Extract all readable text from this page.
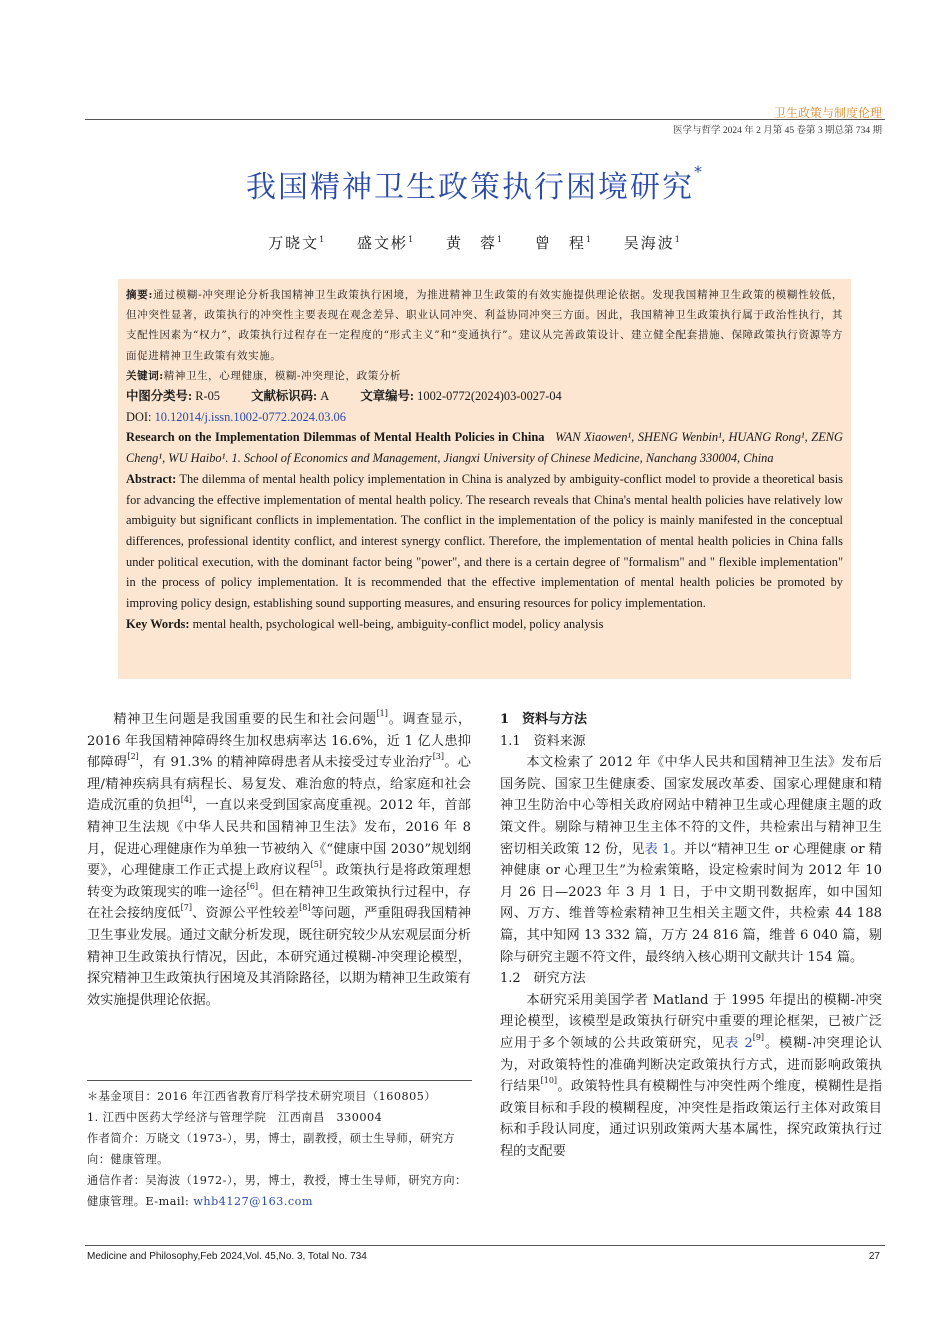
卫生政策与制度伦理
医学与哲学 2024 年 2 月第 45 卷第 3 期总第 734 期
我国精神卫生政策执行困境研究*
万晓文$^1$ 盛文彬$^1$ 黄　蓉$^1$ 曾　程$^1$ 吴海波$^1$
摘要:通过模糊-冲突理论分析我国精神卫生政策执行困境，为推进精神卫生政策的有效实施提供理论依据。发现我国精神卫生政策的模糊性较低，但冲突性显著，政策执行的冲突性主要表现在观念差异、职业认同冲突、利益协同冲突三方面。因此，我国精神卫生政策执行属于政治性执行，其支配性因素为“权力”，政策执行过程存在一定程度的“形式主义”和“变通执行”。建议从完善政策设计、建立健全配套措施、保障政策执行资源等方面促进精神卫生政策有效实施。
关键词:精神卫生，心理健康，模糊-冲突理论，政策分析
中图分类号: R-05	文献标识码: A	文章编号: 1002-0772(2024)03-0027-04
DOI: 10.12014/j.issn.1002-0772.2024.03.06
Research on the Implementation Dilemmas of Mental Health Policies in China WAN Xiaowen¹, SHENG Wenbin¹, HUANG Rong¹, ZENG Cheng¹, WU Haibo¹. 1. School of Economics and Management, Jiangxi University of Chinese Medicine, Nanchang 330004, China
Abstract: The dilemma of mental health policy implementation in China is analyzed by ambiguity-conflict model to provide a theoretical basis for advancing the effective implementation of mental health policy. The research reveals that China's mental health policies have relatively low ambiguity but significant conflicts in implementation. The conflict in the implementation of the policy is mainly manifested in the conceptual differences, professional identity conflict, and interest synergy conflict. Therefore, the implementation of mental health policies in China falls under political execution, with the dominant factor being "power", and there is a certain degree of "formalism" and " flexible implementation" in the process of policy implementation. It is recommended that the effective implementation of mental health policies be promoted by improving policy design, establishing sound supporting measures, and ensuring resources for policy implementation.
Key Words: mental health, psychological well-being, ambiguity-conflict model, policy analysis

精神卫生问题是我国重要的民生和社会问题[1]。调查显示，2016 年我国精神障碍终生加权患病率达 16.6%，近 1 亿人患抑郁障碍[2]，有 91.3% 的精神障碍患者从未接受过专业治疗[3]。心理/精神疾病具有病程长、易复发、难治愈的特点，给家庭和社会造成沉重的负担[4]，一直以来受到国家高度重视。2012 年，首部精神卫生法规《中华人民共和国精神卫生法》发布，2016 年 8 月，促进心理健康作为单独一节被纳入《“健康中国 2030”规划纲要》，心理健康工作正式提上政府议程[5]。政策执行是将政策理想转变为政策现实的唯一途径[6]。但在精神卫生政策执行过程中，存在社会接纳度低[7]、资源公平性较差[8]等问题，严重阻碍我国精神卫生事业发展。通过文献分析发现，既往研究较少从宏观层面分析精神卫生政策执行情况，因此，本研究通过模糊-冲突理论模型，探究精神卫生政策执行困境及其消除路径，以期为精神卫生政策有效实施提供理论依据。

1　资料与方法
1.1　资料来源

本文检索了 2012 年《中华人民共和国精神卫生法》发布后国务院、国家卫生健康委、国家发展改革委、国家心理健康和精神卫生防治中心等相关政府网站中精神卫生或心理健康主题的政策文件。剔除与精神卫生主体不符的文件，共检索出与精神卫生密切相关政策 12 份，见表 1。并以“精神卫生 or 心理健康 or 精神健康 or 心理卫生”为检索策略，设定检索时间为 2012 年 10 月 26 日—2023 年 3 月 1 日，于中文期刊数据库，如中国知网、万方、维普等检索精神卫生相关主题文件，共检索 44 188 篇，其中知网 13 332 篇，万方 24 816 篇，维普 6 040 篇，剔除与研究主题不符文件，最终纳入核心期刊文献共计 154 篇。

1.2　研究方法

本研究采用美国学者 Matland 于 1995 年提出的模糊-冲突理论模型，该模型是政策执行研究中重要的理论框架，已被广泛应用于多个领域的公共政策研究，见表 2[9]。模糊-冲突理论认为，对政策特性的准确判断决定政策执行方式，进而影响政策执行结果[10]。政策特性具有模糊性与冲突性两个维度，模糊性是指政策目标和手段的模糊程度，冲突性是指政策运行主体对政策目标和手段认同度，通过识别政策两大基本属性，探究政策执行过程的支配要

＊基金项目：2016 年江西省教育厅科学技术研究项目（160805）
1. 江西中医药大学经济与管理学院　江西南昌　330004
作者简介：万晓文（1973-），男，博士，副教授，硕士生导师，研究方向：健康管理。
通信作者：吴海波（1972-），男，博士，教授，博士生导师，研究方向：健康管理。E-mail: whb4127@163.com
Medicine and Philosophy,Feb 2024,Vol. 45,No. 3, Total No. 734	27
